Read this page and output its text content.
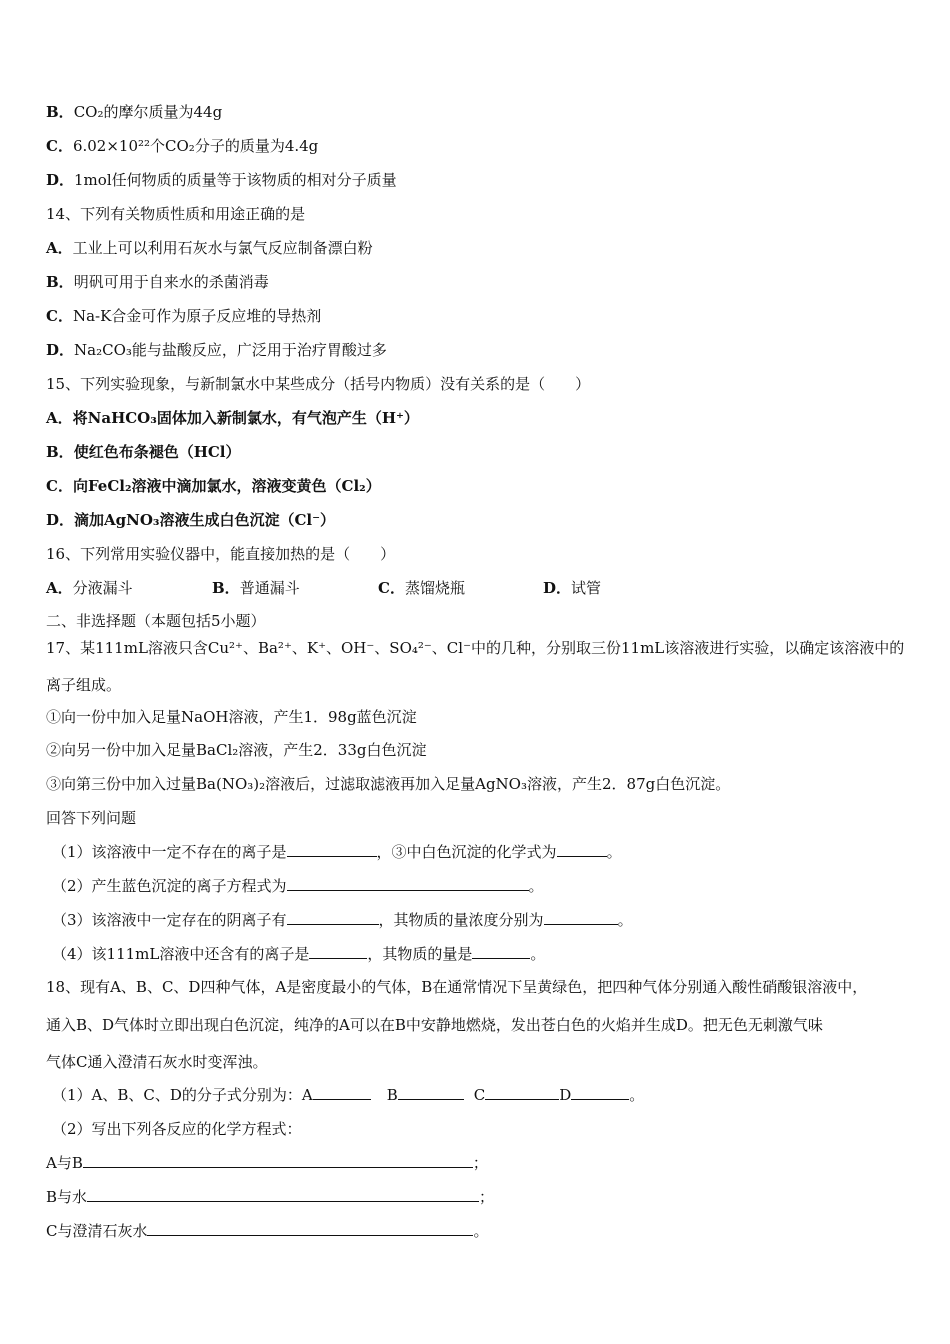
B．CO₂的摩尔质量为44g
C．6.02×10²²个CO₂分子的质量为4.4g
D．1mol任何物质的质量等于该物质的相对分子质量
14、下列有关物质性质和用途正确的是
A．工业上可以利用石灰水与氯气反应制备漂白粉
B．明矾可用于自来水的杀菌消毒
C．Na-K合金可作为原子反应堆的导热剂
D．Na₂CO₃能与盐酸反应，广泛用于治疗胃酸过多
15、下列实验现象，与新制氯水中某些成分（括号内物质）没有关系的是（　　）
A．将NaHCO₃固体加入新制氯水，有气泡产生（H⁺）
B．使红色布条褪色（HCl）
C．向FeCl₂溶液中滴加氯水，溶液变黄色（Cl₂）
D．滴加AgNO₃溶液生成白色沉淀（Cl⁻）
16、下列常用实验仪器中，能直接加热的是（　　）
A．分液漏斗	B．普通漏斗	C．蒸馏烧瓶	D．试管
二、非选择题（本题包括5小题）
17、某111mL溶液只含Cu²⁺、Ba²⁺、K⁺、OH⁻、SO₄²⁻、Cl⁻中的几种，分别取三份11mL该溶液进行实验，以确定该溶液中的
离子组成。
①向一份中加入足量NaOH溶液，产生1．98g蓝色沉淀
②向另一份中加入足量BaCl₂溶液，产生2．33g白色沉淀
③向第三份中加入过量Ba(NO₃)₂溶液后，过滤取滤液再加入足量AgNO₃溶液，产生2．87g白色沉淀。
回答下列问题
（1）该溶液中一定不存在的离子是	，③中白色沉淀的化学式为	。
（2）产生蓝色沉淀的离子方程式为	。
（3）该溶液中一定存在的阴离子有	，其物质的量浓度分别为	。
（4）该111mL溶液中还含有的离子是	，其物质的量是	。
18、现有A、B、C、D四种气体，A是密度最小的气体，B在通常情况下呈黄绿色，把四种气体分别通入酸性硝酸银溶液中，
通入B、D气体时立即出现白色沉淀，纯净的A可以在B中安静地燃烧，发出苍白色的火焰并生成D。把无色无刺激气味
气体C通入澄清石灰水时变浑浊。
（1）A、B、C、D的分子式分别为：A	B	C	D	。
（2）写出下列各反应的化学方程式：
A与B	；
B与水	；
C与澄清石灰水	。
